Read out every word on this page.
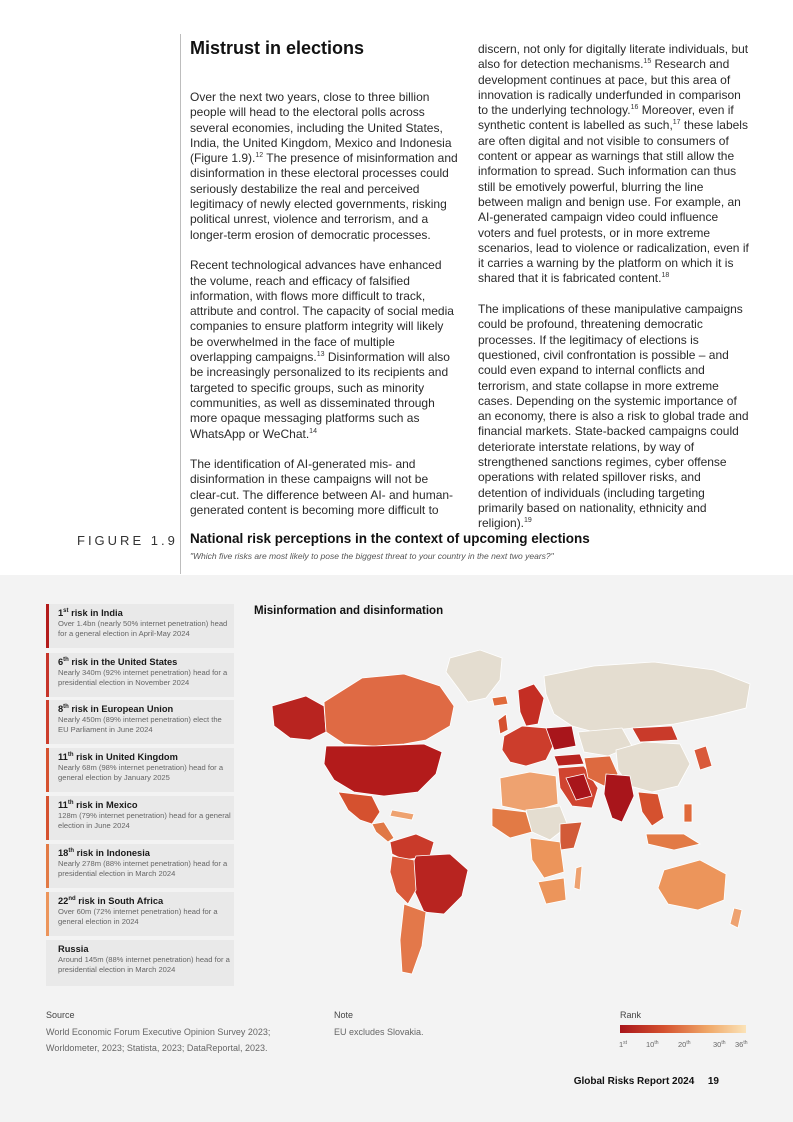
Mistrust in elections

Over the next two years, close to three billion people will head to the electoral polls across several economies, including the United States, India, the United Kingdom, Mexico and Indonesia (Figure 1.9).$^{12}$ The presence of misinformation and disinformation in these electoral processes could seriously destabilize the real and perceived legitimacy of newly elected governments, risking political unrest, violence and terrorism, and a longer-term erosion of democratic processes.

Recent technological advances have enhanced the volume, reach and efficacy of falsified information, with flows more difficult to track, attribute and control. The capacity of social media companies to ensure platform integrity will likely be overwhelmed in the face of multiple overlapping campaigns.$^{13}$ Disinformation will also be increasingly personalized to its recipients and targeted to specific groups, such as minority communities, as well as disseminated through more opaque messaging platforms such as WhatsApp or WeChat.$^{14}$

The identification of AI-generated mis- and disinformation in these campaigns will not be clear-cut. The difference between AI- and human-generated content is becoming more difficult to

discern, not only for digitally literate individuals, but also for detection mechanisms.$^{15}$ Research and development continues at pace, but this area of innovation is radically underfunded in comparison to the underlying technology.$^{16}$ Moreover, even if synthetic content is labelled as such,$^{17}$ these labels are often digital and not visible to consumers of content or appear as warnings that still allow the information to spread. Such information can thus still be emotively powerful, blurring the line between malign and benign use. For example, an AI-generated campaign video could influence voters and fuel protests, or in more extreme scenarios, lead to violence or radicalization, even if it carries a warning by the platform on which it is shared that it is fabricated content.$^{18}$

The implications of these manipulative campaigns could be profound, threatening democratic processes. If the legitimacy of elections is questioned, civil confrontation is possible – and could even expand to internal conflicts and terrorism, and state collapse in more extreme cases. Depending on the systemic importance of an economy, there is also a risk to global trade and financial markets. State-backed campaigns could deteriorate interstate relations, by way of strengthened sanctions regimes, cyber offense operations with related spillover risks, and detention of individuals (including targeting primarily based on nationality, ethnicity and religion).$^{19}$

FIGURE 1.9 National risk perceptions in the context of upcoming elections
"Which five risks are most likely to pose the biggest threat to your country in the next two years?"
1st risk in India
Over 1.4bn (nearly 50% internet penetration) head for a general election in April-May 2024
6th risk in the United States
Nearly 340m (92% internet penetration) head for a presidential election in November 2024
8th risk in European Union
Nearly 450m (89% internet penetration) elect the EU Parliament in June 2024
11th risk in United Kingdom
Nearly 68m (98% internet penetration) head for a general election by January 2025
11th risk in Mexico
128m (79% internet penetration) head for a general election in June 2024
18th risk in Indonesia
Nearly 278m (88% internet penetration) head for a presidential election in March 2024
22nd risk in South Africa
Over 60m (72% internet penetration) head for a general election in 2024
Russia
Around 145m (88% internet penetration) head for a presidential election in March 2024
Misinformation and disinformation
Source
World Economic Forum Executive Opinion Survey 2023; Worldometer, 2023; Statista, 2023; DataReportal, 2023.
Note
EU excludes Slovakia.
Rank
1st	10th	20th	30th 36th
Global Risks Report 2024 19
